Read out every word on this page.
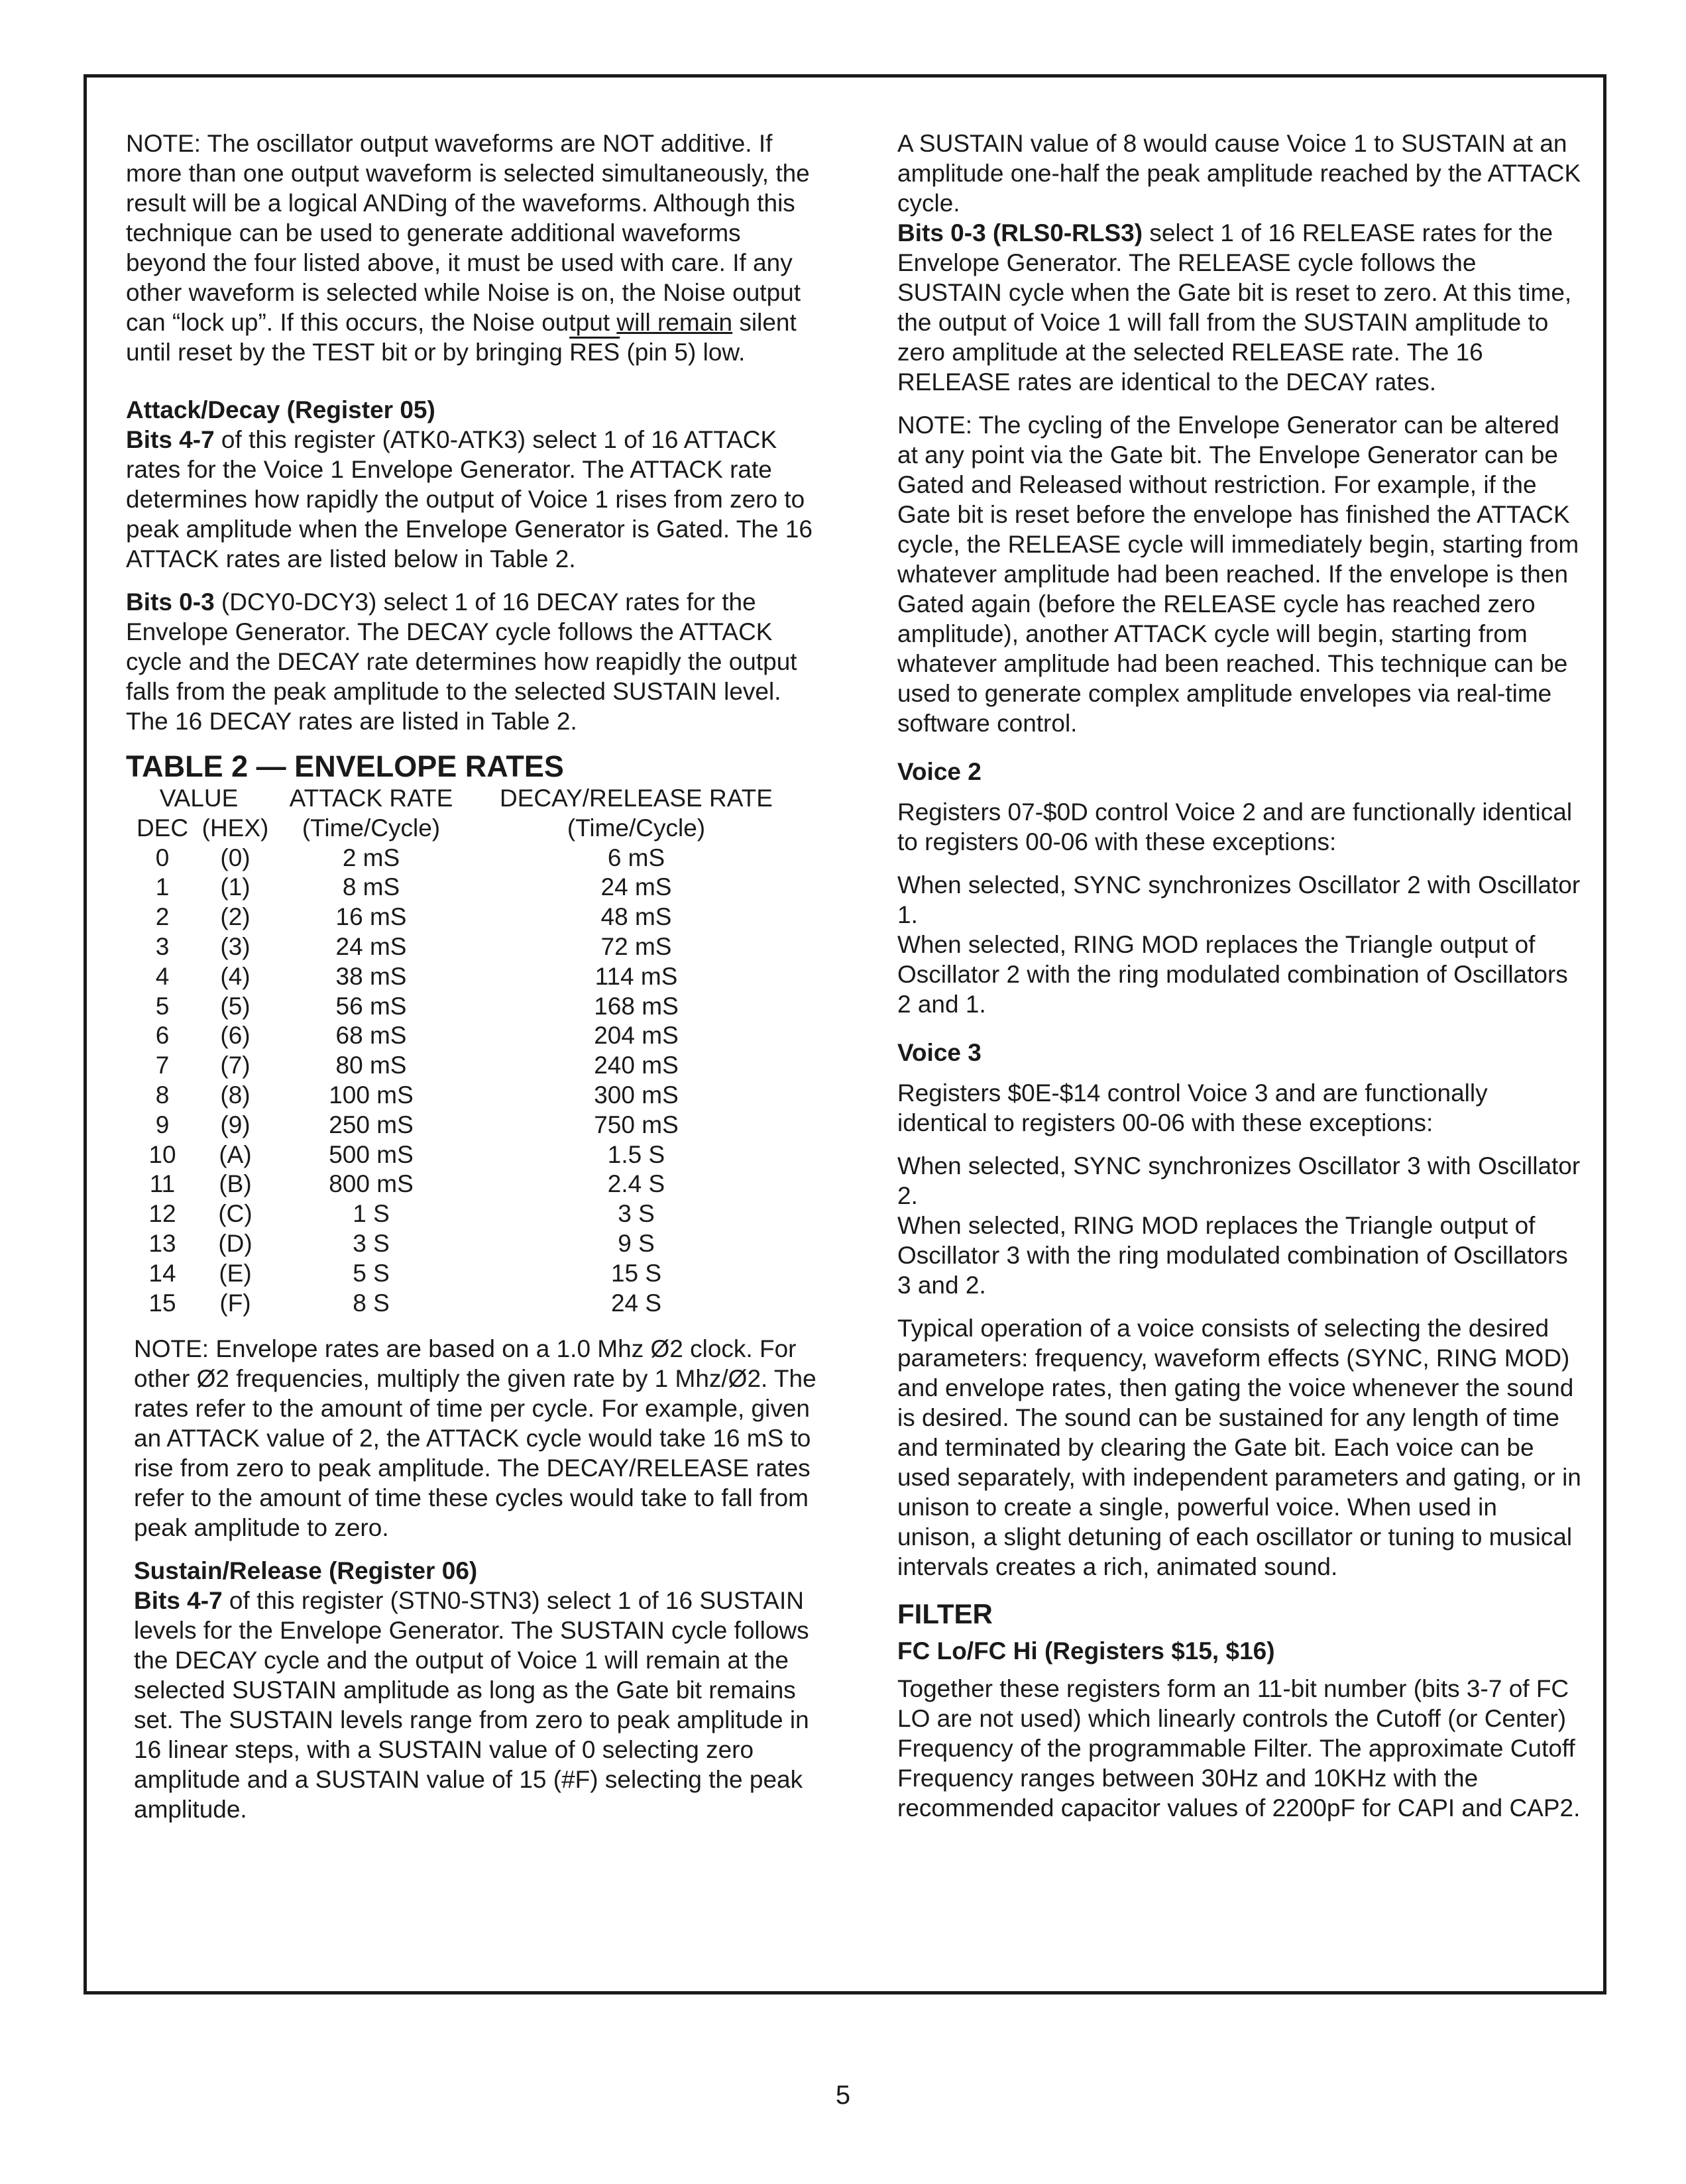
NOTE: The oscillator output waveforms are NOT additive. If more than one output waveform is selected simultaneously, the result will be a logical ANDing of the waveforms. Although this technique can be used to generate additional waveforms beyond the four listed above, it must be used with care. If any other waveform is selected while Noise is on, the Noise output can “lock up”. If this occurs, the Noise output will remain silent until reset by the TEST bit or by bringing $\overline{RES}$ (pin 5) low.

Attack/Decay (Register 05)

Bits 4-7 of this register (ATK0-ATK3) select 1 of 16 ATTACK rates for the Voice 1 Envelope Generator. The ATTACK rate determines how rapidly the output of Voice 1 rises from zero to peak amplitude when the Envelope Generator is Gated. The 16 ATTACK rates are listed below in Table 2.

Bits 0-3 (DCY0-DCY3) select 1 of 16 DECAY rates for the Envelope Generator. The DECAY cycle follows the ATTACK cycle and the DECAY rate determines how reapidly the output falls from the peak amplitude to the selected SUSTAIN level. The 16 DECAY rates are listed in Table 2.

TABLE 2 — ENVELOPE RATES
VALUE		ATTACK RATE	DECAY/RELEASE RATE
DEC	(HEX)	(Time/Cycle)	(Time/Cycle)
0	(0)	2 mS	6 mS
1	(1)	8 mS	24 mS
2	(2)	16 mS	48 mS
3	(3)	24 mS	72 mS
4	(4)	38 mS	114 mS
5	(5)	56 mS	168 mS
6	(6)	68 mS	204 mS
7	(7)	80 mS	240 mS
8	(8)	100 mS	300 mS
9	(9)	250 mS	750 mS
10	(A)	500 mS	1.5 S
11	(B)	800 mS	2.4 S
12	(C)	1 S	3 S
13	(D)	3 S	9 S
14	(E)	5 S	15 S
15	(F)	8 S	24 S

NOTE: Envelope rates are based on a 1.0 Mhz Ø2 clock. For other Ø2 frequencies, multiply the given rate by 1 Mhz/Ø2. The rates refer to the amount of time per cycle. For example, given an ATTACK value of 2, the ATTACK cycle would take 16 mS to rise from zero to peak amplitude. The DECAY/RELEASE rates refer to the amount of time these cycles would take to fall from peak amplitude to zero.

Sustain/Release (Register 06)

Bits 4-7 of this register (STN0-STN3) select 1 of 16 SUSTAIN levels for the Envelope Generator. The SUSTAIN cycle follows the DECAY cycle and the output of Voice 1 will remain at the selected SUSTAIN amplitude as long as the Gate bit remains set. The SUSTAIN levels range from zero to peak amplitude in 16 linear steps, with a SUSTAIN value of 0 selecting zero amplitude and a SUSTAIN value of 15 (#F) selecting the peak amplitude.

A SUSTAIN value of 8 would cause Voice 1 to SUSTAIN at an amplitude one-half the peak amplitude reached by the ATTACK cycle.

Bits 0-3 (RLS0-RLS3) select 1 of 16 RELEASE rates for the Envelope Generator. The RELEASE cycle follows the SUSTAIN cycle when the Gate bit is reset to zero. At this time, the output of Voice 1 will fall from the SUSTAIN amplitude to zero amplitude at the selected RELEASE rate. The 16 RELEASE rates are identical to the DECAY rates.

NOTE: The cycling of the Envelope Generator can be altered at any point via the Gate bit. The Envelope Generator can be Gated and Released without restriction. For example, if the Gate bit is reset before the envelope has finished the ATTACK cycle, the RELEASE cycle will immediately begin, starting from whatever amplitude had been reached. If the envelope is then Gated again (before the RELEASE cycle has reached zero amplitude), another ATTACK cycle will begin, starting from whatever amplitude had been reached. This technique can be used to generate complex amplitude envelopes via real-time software control.

Voice 2

Registers 07-$0D control Voice 2 and are functionally identical to registers 00-06 with these exceptions:

When selected, SYNC synchronizes Oscillator 2 with Oscillator 1.

When selected, RING MOD replaces the Triangle output of Oscillator 2 with the ring modulated combination of Oscillators 2 and 1.

Voice 3

Registers $0E-$14 control Voice 3 and are functionally identical to registers 00-06 with these exceptions:

When selected, SYNC synchronizes Oscillator 3 with Oscillator 2.

When selected, RING MOD replaces the Triangle output of Oscillator 3 with the ring modulated combination of Oscillators 3 and 2.

Typical operation of a voice consists of selecting the desired parameters: frequency, waveform effects (SYNC, RING MOD) and envelope rates, then gating the voice whenever the sound is desired. The sound can be sustained for any length of time and terminated by clearing the Gate bit. Each voice can be used separately, with independent parameters and gating, or in unison to create a single, powerful voice. When used in unison, a slight detuning of each oscillator or tuning to musical intervals creates a rich, animated sound.

FILTER
FC Lo/FC Hi (Registers $15, $16)

Together these registers form an 11-bit number (bits 3-7 of FC LO are not used) which linearly controls the Cutoff (or Center) Frequency of the programmable Filter. The approximate Cutoff Frequency ranges between 30Hz and 10KHz with the recommended capacitor values of 2200pF for CAPI and CAP2.

5
